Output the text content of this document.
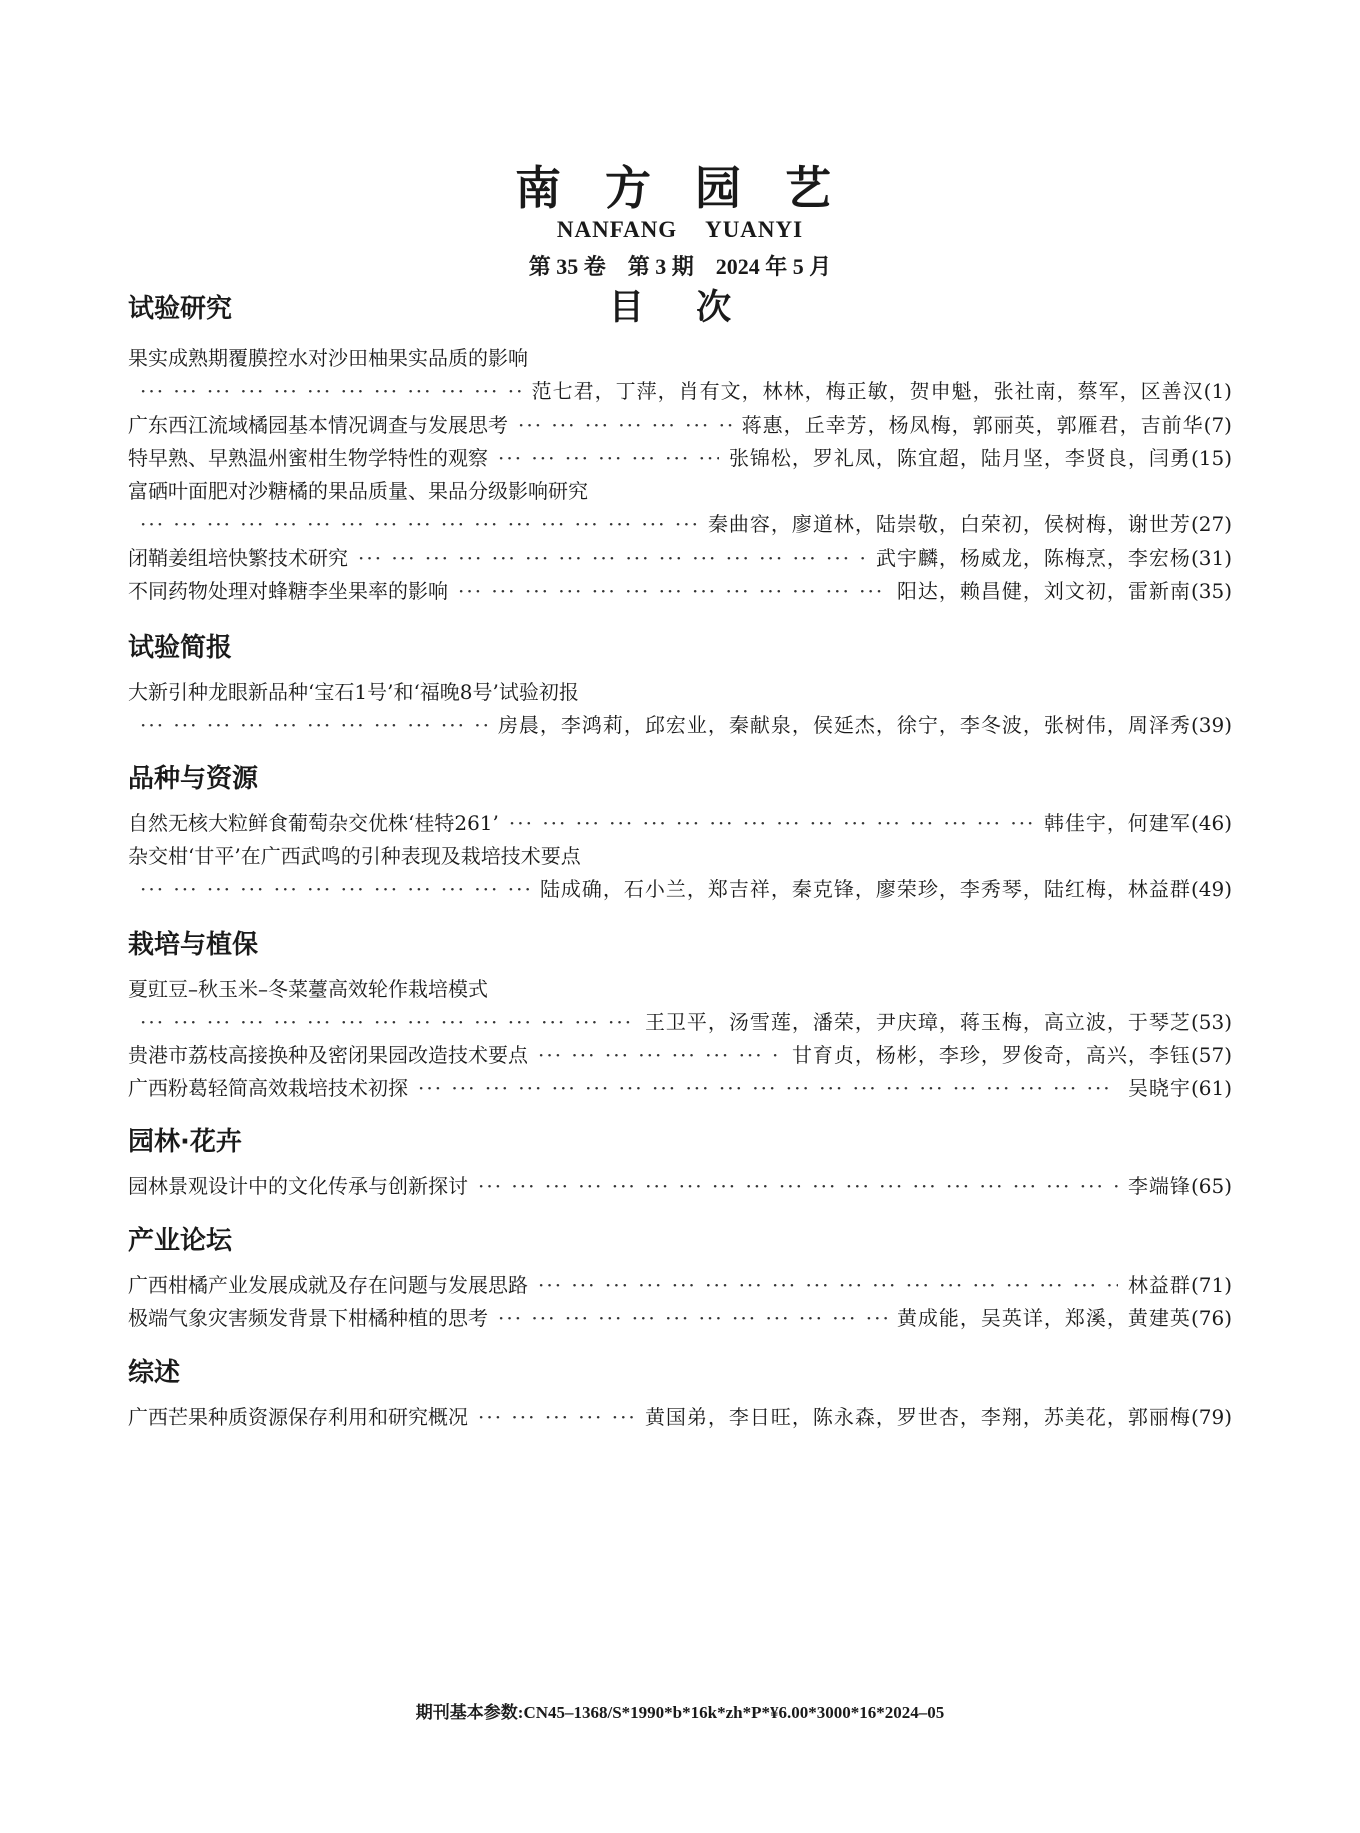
南 方 园 艺
NANFANG YUANYI
第 35 卷　第 3 期　2024 年 5 月
目 次
试验研究
果实成熟期覆膜控水对沙田柚果实品质的影响
··· ·
范七君，丁萍，肖有文，林林，梅正敏，贺申魁，张社南，蔡军，区善汉 (1)
广东西江流域橘园基本情况调查与发展思考 ··· ·	蒋惠，丘幸芳，杨凤梅，郭丽英，郭雁君，吉前华 (7)
特早熟、早熟温州蜜柑生物学特性的观察 ··· ·	张锦松，罗礼凤，陈宜超，陆月坚，李贤良，闫勇 (15)
富硒叶面肥对沙糖橘的果品质量、果品分级影响研究
··· ·
秦曲容，廖道林，陆崇敬，白荣初，侯树梅，谢世芳 (27)
闭鞘姜组培快繁技术研究 ··· ·	武宇麟，杨威龙，陈梅烹，李宏杨 (31)
不同药物处理对蜂糖李坐果率的影响 ··· ·	阳达，赖昌健，刘文初，雷新南 (35)
试验简报
大新引种龙眼新品种‘宝石1号’和‘福晚8号’试验初报
··· ·
房晨，李鸿莉，邱宏业，秦献泉，侯延杰，徐宁，李冬波，张树伟，周泽秀 (39)
品种与资源
自然无核大粒鲜食葡萄杂交优株‘桂特261’ ··· ·	韩佳宇，何建军 (46)
杂交柑‘甘平’在广西武鸣的引种表现及栽培技术要点
··· ·
陆成确，石小兰，郑吉祥，秦克锋，廖荣珍，李秀琴，陆红梅，林益群 (49)
栽培与植保
夏豇豆–秋玉米–冬菜薹高效轮作栽培模式
··· ·
王卫平，汤雪莲，潘荣，尹庆璋，蒋玉梅，高立波，于琴芝 (53)
贵港市荔枝高接换种及密闭果园改造技术要点 ··· ·	甘育贞，杨彬，李珍，罗俊奇，高兴，李钰 (57)
广西粉葛轻简高效栽培技术初探 ··· ·	吴晓宇 (61)
园林·花卉
园林景观设计中的文化传承与创新探讨 ··· ·	李端锋 (65)
产业论坛
广西柑橘产业发展成就及存在问题与发展思路 ··· ·	林益群 (71)
极端气象灾害频发背景下柑橘种植的思考 ··· ·	黄成能，吴英详，郑溪，黄建英 (76)
综述
广西芒果种质资源保存利用和研究概况 ··· ·	黄国弟，李日旺，陈永森，罗世杏，李翔，苏美花，郭丽梅 (79)
期刊基本参数:CN45–1368/S*1990*b*16k*zh*P*¥6.00*3000*16*2024–05
